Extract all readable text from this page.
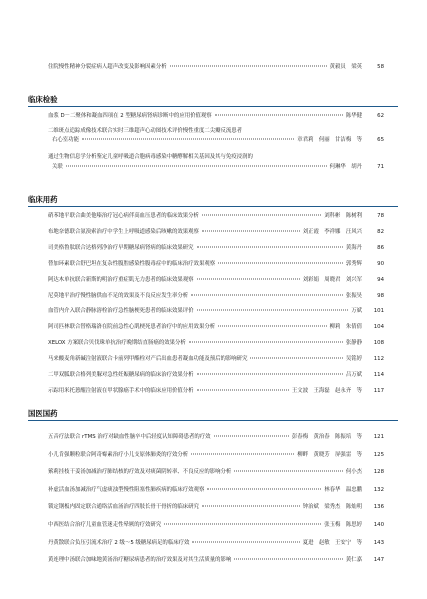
住院慢性精神分裂症病人超声改变及影响因素分析	黄毅员　梁英	58
临床检验
血浆 D－二聚体和凝血四项在 2 型糖尿病肾病诊断中的应用价值观察	陈华健	62
二维斑点追踪成像技术联合实时三维超声心动图技术评价慢性重度二尖瓣反流患者
右心室功能	章君莉　何丽　甘洁梅　等	65
通过生物信息学分析鉴定儿童呼吸道合胞病毒感染中糖酵解相关基因及其与免疫浸润的
关联	何琳华　胡丹	71
临床用药
硝苯地平联合曲美他嗪治疗冠心病伴高血压患者的临床效果分析	刘科彬　陈树利	78
布地奈德联合氨溴索治疗中学生上呼吸道感染后咳嗽的效果观察	刘正霞　李祥娜　汪风兴	82
司美格鲁肽联合达格列净治疗早期糖尿病肾病的临床效果研究	黄海丹	86
替加环素联合舒巴坦在复杂性腹腔感染性腹毒症中的临床治疗效果观察	郭秀辉	90
阿达木单抗联合新斯的明治疗重症肌无力患者的临床效果观察	刘彩娟　周晓君　刘兴军	94
尼莫地平治疗慢性脑供血不足的效果及不良反应发生率分析	张振昊	98
血管内介入联合静脉溶栓治疗急性脑梗死患者的临床效果评价	万斌	101
阿司匹林联合替格瑞洛在院前急性心肌梗死患者治疗中的应用效果分析	柳莉　朱倩倩	104
XELOX 方案联合贝伐珠单抗治疗晚期结直肠癌的效果分析	张静静	108
马来酸麦角新碱注射液联合卡前列甲酯栓对产后出血患者凝血功能及预后的影响研究	吴铭婷	112
二甲双胍联合格列美脲对急性妊娠糖尿病的临床治疗效果分析	吕万斌	114
示踪用米托蒽醌注射液在甲状腺癌手术中的临床应用价值分析	王文波　王海磊　赵永齐　等	117
国医国药
五音疗法联合 rTMS 治疗对缺血性脑卒中后轻度认知障碍患者的疗效	彭春梅　黄治春　陈振培　等	121
小儿肯强颗粒联合阿奇霉素治疗小儿支原体肺炎的疗效分析	柳畔　黄晓芳　屏强雷　等	125
萦莉挂枝干姜汤加减治疗肺结核的疗效及对痰菌阴转率、不良反应的影响分析	何小杰	128
补虚活血汤加减治疗气虚痰浊型慢性阻塞性肺疾病的临床疗效观察	林春华　温忠鹏	132
锁定钢板内固定联合通络活血汤治疗四肢长骨干骨折的临床研究	钟治斌　梁秀杰　陈灿明	136
中西医结合治疗儿童血管迷走性晕厥的疗效研究	张玉梅　陈思婷	140
丹黄散联合负压引流术治疗 2 级～5 级糖尿病足的临床疗效	夏进　赵敏　王安宁　等	143
黄连理中汤联合加味地黄汤治疗糖尿病患者的治疗效果及对其生活质量的影响	黄仁嘉	147
